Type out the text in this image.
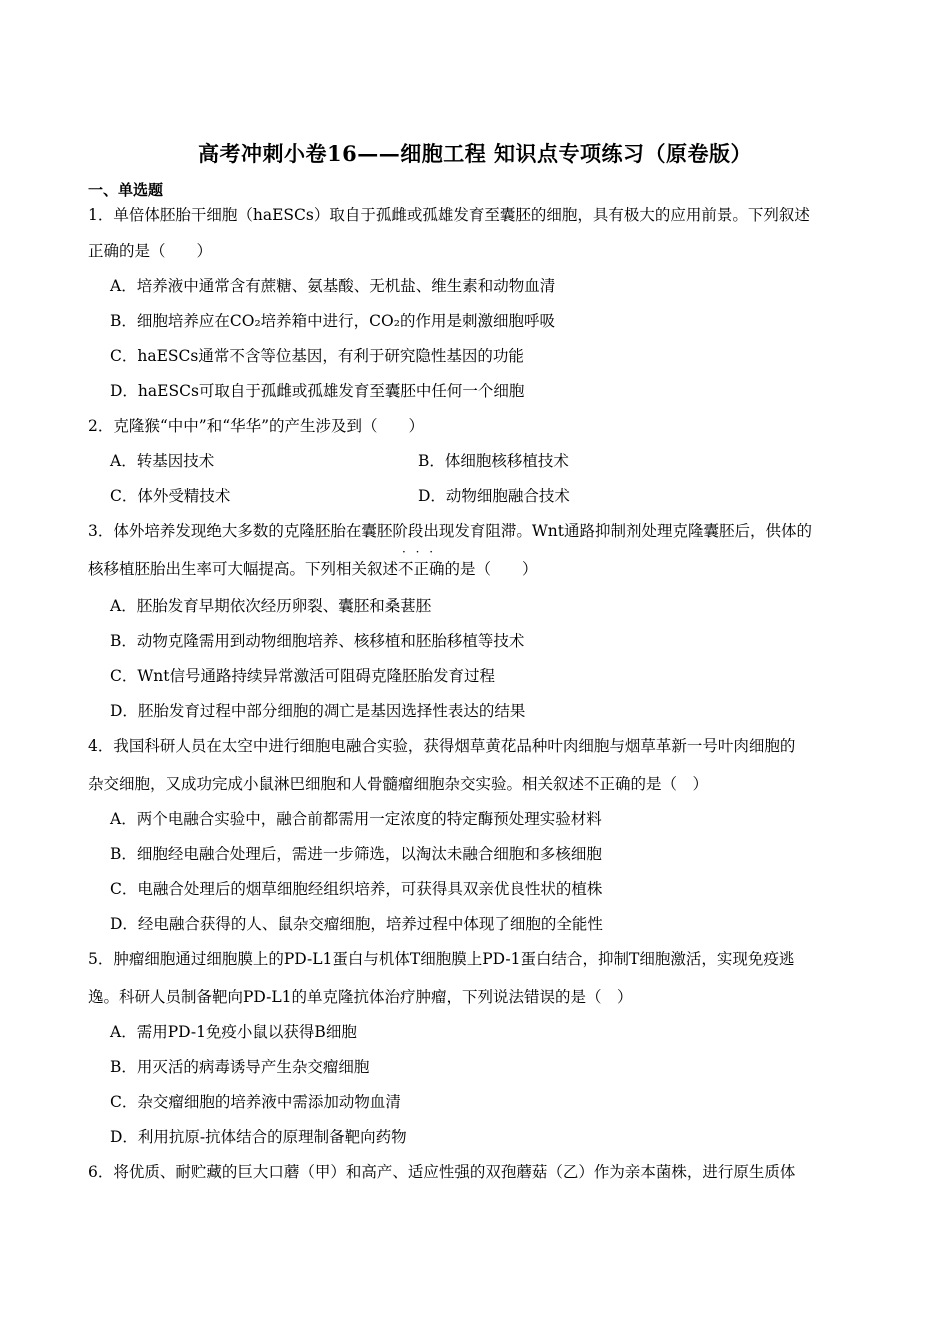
高考冲刺小卷16——细胞工程 知识点专项练习（原卷版）
一、单选题
1．单倍体胚胎干细胞（haESCs）取自于孤雌或孤雄发育至囊胚的细胞，具有极大的应用前景。下列叙述
正确的是（　　）
A．培养液中通常含有蔗糖、氨基酸、无机盐、维生素和动物血清
B．细胞培养应在CO₂培养箱中进行，CO₂的作用是刺激细胞呼吸
C．haESCs通常不含等位基因，有利于研究隐性基因的功能
D．haESCs可取自于孤雌或孤雄发育至囊胚中任何一个细胞
2．克隆猴“中中”和“华华”的产生涉及到（　　）
A．转基因技术	B．体细胞核移植技术
C．体外受精技术	D．动物细胞融合技术
3．体外培养发现绝大多数的克隆胚胎在囊胚阶段出现发育阻滞。Wnt通路抑制剂处理克隆囊胚后，供体的
核移植胚胎出生率可大幅提高。下列相关叙述不正确 · · ·的是（　　）
A．胚胎发育早期依次经历卵裂、囊胚和桑葚胚
B．动物克隆需用到动物细胞培养、核移植和胚胎移植等技术
C．Wnt信号通路持续异常激活可阻碍克隆胚胎发育过程
D．胚胎发育过程中部分细胞的凋亡是基因选择性表达的结果
4．我国科研人员在太空中进行细胞电融合实验，获得烟草黄花品种叶肉细胞与烟草革新一号叶肉细胞的
杂交细胞，又成功完成小鼠淋巴细胞和人骨髓瘤细胞杂交实验。相关叙述不正确的是（　）
A．两个电融合实验中，融合前都需用一定浓度的特定酶预处理实验材料
B．细胞经电融合处理后，需进一步筛选，以淘汰未融合细胞和多核细胞
C．电融合处理后的烟草细胞经组织培养，可获得具双亲优良性状的植株
D．经电融合获得的人、鼠杂交瘤细胞，培养过程中体现了细胞的全能性
5．肿瘤细胞通过细胞膜上的PD-L1蛋白与机体T细胞膜上PD-1蛋白结合，抑制T细胞激活，实现免疫逃
逸。科研人员制备靶向PD-L1的单克隆抗体治疗肿瘤，下列说法错误的是（　）
A．需用PD-1免疫小鼠以获得B细胞
B．用灭活的病毒诱导产生杂交瘤细胞
C．杂交瘤细胞的培养液中需添加动物血清
D．利用抗原-抗体结合的原理制备靶向药物
6．将优质、耐贮藏的巨大口蘑（甲）和高产、适应性强的双孢蘑菇（乙）作为亲本菌株，进行原生质体
